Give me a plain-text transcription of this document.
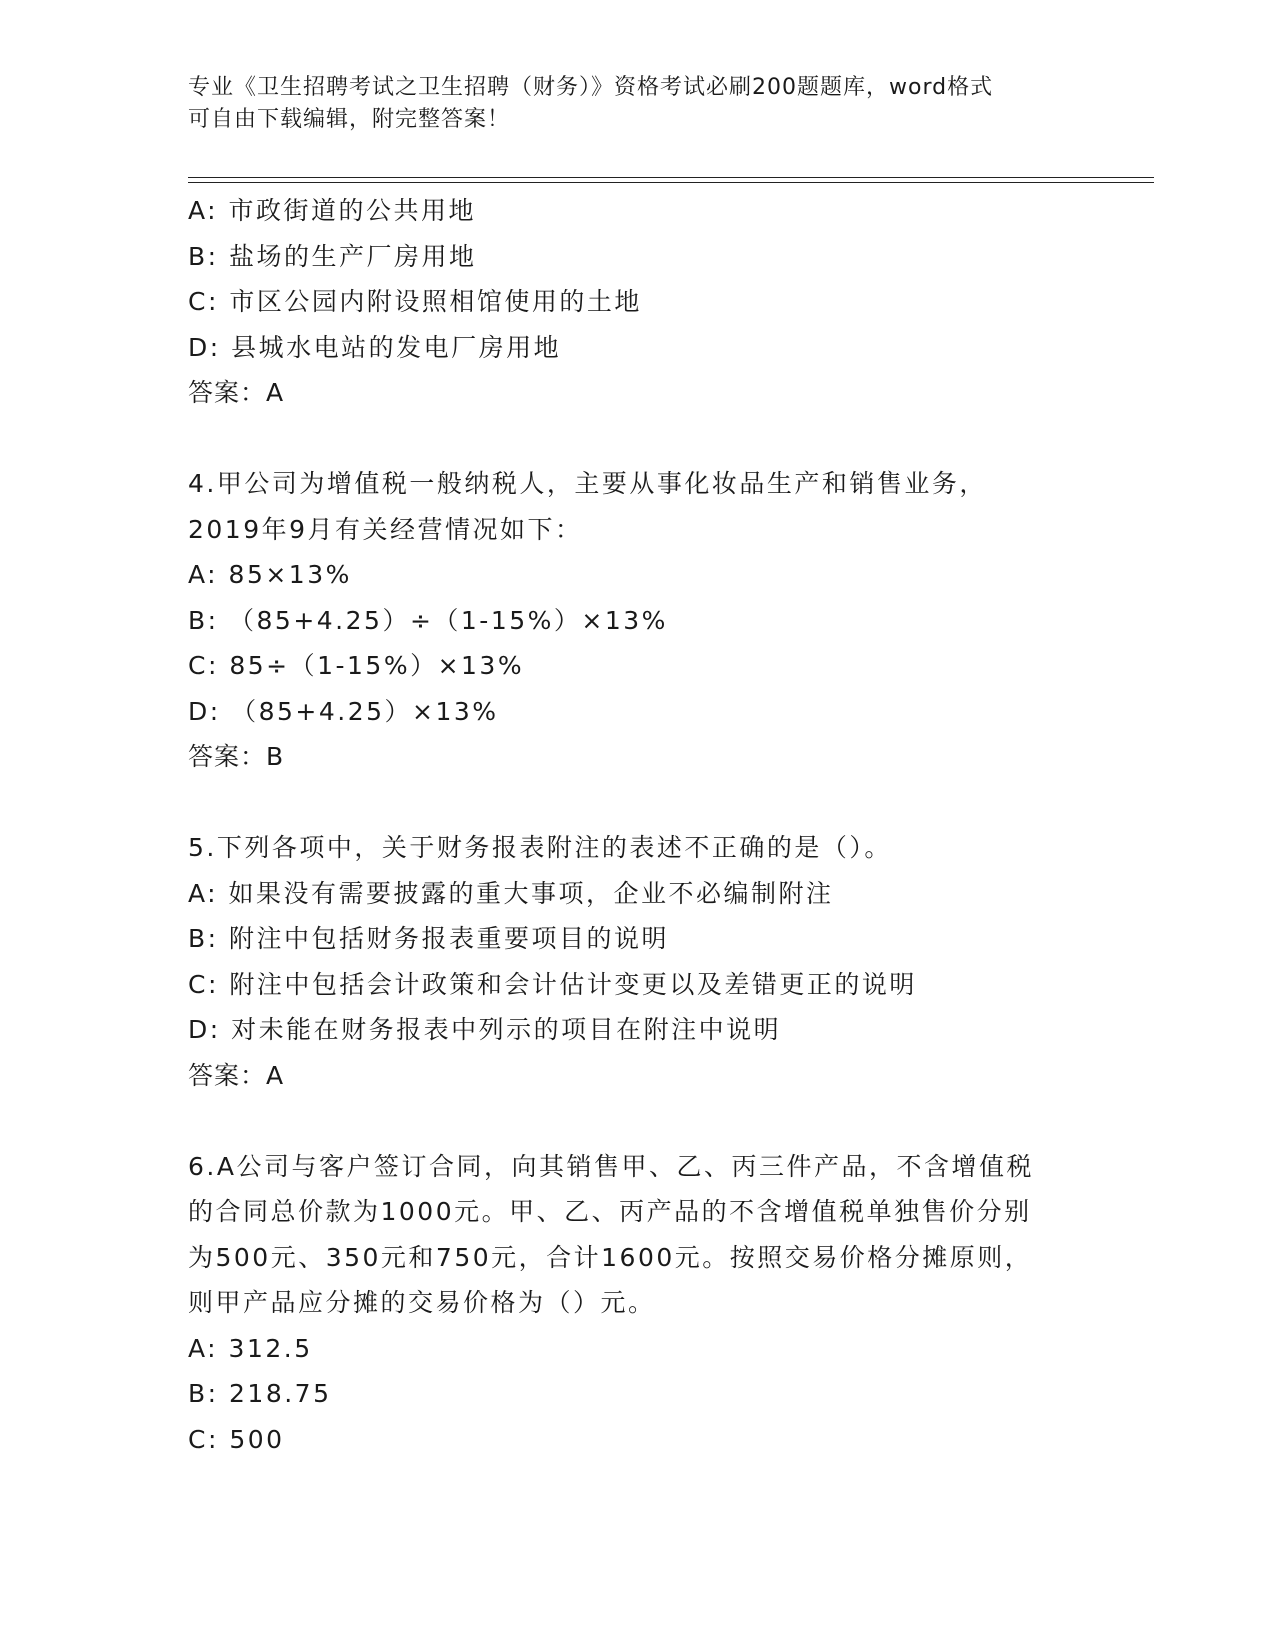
专业《卫生招聘考试之卫生招聘（财务）》资格考试必刷200题题库，word格式
可自由下载编辑，附完整答案！
A: 市政街道的公共用地
B: 盐场的生产厂房用地
C: 市区公园内附设照相馆使用的土地
D: 县城水电站的发电厂房用地
答案：A
4.甲公司为增值税一般纳税人，主要从事化妆品生产和销售业务，
2019年9月有关经营情况如下：
A: 85×13%
B: （85+4.25）÷（1-15%）×13%
C: 85÷（1-15%）×13%
D: （85+4.25）×13%
答案：B
5.下列各项中，关于财务报表附注的表述不正确的是（）。
A: 如果没有需要披露的重大事项，企业不必编制附注
B: 附注中包括财务报表重要项目的说明
C: 附注中包括会计政策和会计估计变更以及差错更正的说明
D: 对未能在财务报表中列示的项目在附注中说明
答案：A
6.A公司与客户签订合同，向其销售甲、乙、丙三件产品，不含增值税
的合同总价款为1000元。甲、乙、丙产品的不含增值税单独售价分别
为500元、350元和750元，合计1600元。按照交易价格分摊原则，
则甲产品应分摊的交易价格为（）元。
A: 312.5
B: 218.75
C: 500
